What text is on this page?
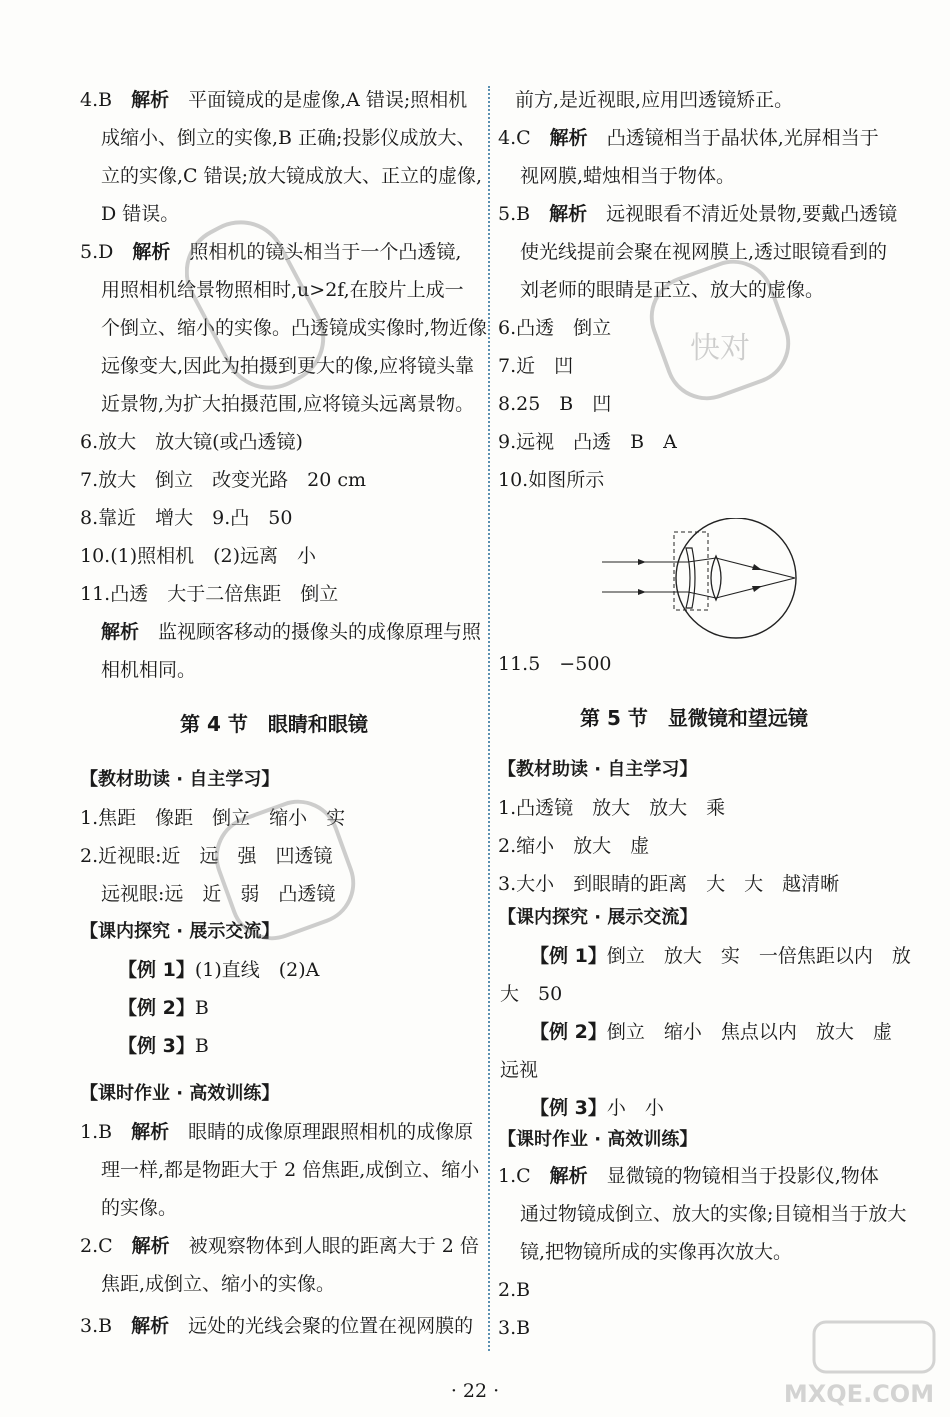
4.B　解析　平面镜成的是虚像,A 错误;照相机
成缩小、倒立的实像,B 正确;投影仪成放大、
立的实像,C 错误;放大镜成放大、正立的虚像,
D 错误。
5.D　解析　照相机的镜头相当于一个凸透镜,
用照相机给景物照相时,u>2f,在胶片上成一
个倒立、缩小的实像。凸透镜成实像时,物近像
远像变大,因此为拍摄到更大的像,应将镜头靠
近景物,为扩大拍摄范围,应将镜头远离景物。
6.放大　放大镜(或凸透镜)
7.放大　倒立　改变光路　20 cm
8.靠近　增大　9.凸　50
10.(1)照相机　(2)远离　小
11.凸透　大于二倍焦距　倒立
解析　监视顾客移动的摄像头的成像原理与照
相机相同。
1.焦距　像距　倒立　缩小　实
2.近视眼:近　远　强　凹透镜
远视眼:远　近　弱　凸透镜
【例 1】(1)直线　(2)A
【例 2】B
【例 3】B
1.B　解析　眼睛的成像原理跟照相机的成像原
理一样,都是物距大于 2 倍焦距,成倒立、缩小
的实像。
2.C　解析　被观察物体到人眼的距离大于 2 倍
焦距,成倒立、缩小的实像。
3.B　解析　远处的光线会聚的位置在视网膜的
【教材助读 · 自主学习】
【课内探究 · 展示交流】
【课时作业 · 高效训练】
第 4 节　眼睛和眼镜
前方,是近视眼,应用凹透镜矫正。
4.C　解析　凸透镜相当于晶状体,光屏相当于
视网膜,蜡烛相当于物体。
5.B　解析　远视眼看不清近处景物,要戴凸透镜
使光线提前会聚在视网膜上,透过眼镜看到的
刘老师的眼睛是正立、放大的虚像。
6.凸透　倒立
7.近　凹
8.25　B　凹
9.远视　凸透　B　A
10.如图所示
11.5　−500
1.凸透镜　放大　放大　乘
2.缩小　放大　虚
3.大小　到眼睛的距离　大　大　越清晰
【例 1】倒立　放大　实　一倍焦距以内　放
大　50
【例 2】倒立　缩小　焦点以内　放大　虚
远视
【例 3】小　小
1.C　解析　显微镜的物镜相当于投影仪,物体
通过物镜成倒立、放大的实像;目镜相当于放大
镜,把物镜所成的实像再次放大。
2.B
3.B
【教材助读 · 自主学习】
【课内探究 · 展示交流】
【课时作业 · 高效训练】
第 5 节　显微镜和望远镜
快对
· 22 ·	MXQE.COM
